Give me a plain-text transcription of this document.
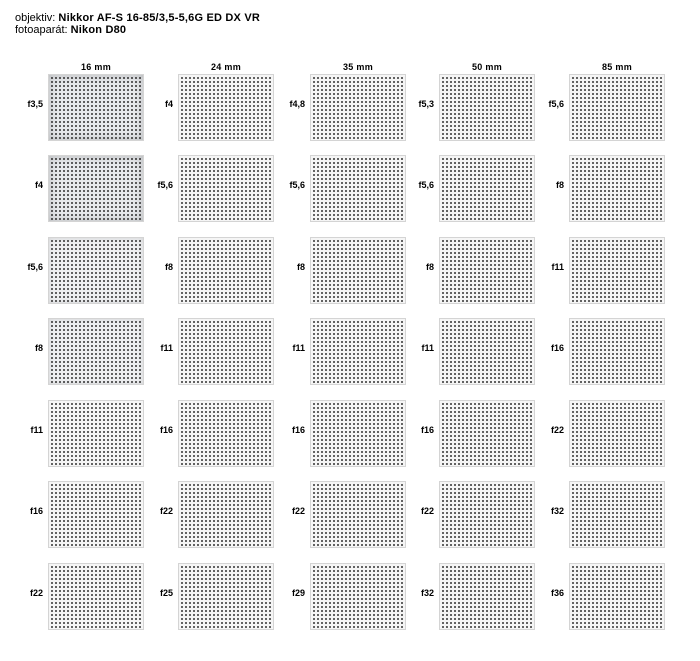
objektiv: Nikkor AF-S 16-85/3,5-5,6G ED DX VR
fotoaparát: Nikon D80
16 mm
f3,5
f4
f5,6
f8
f11
f16
f22
24 mm
f4
f5,6
f8
f11
f16
f22
f25
35 mm
f4,8
f5,6
f8
f11
f16
f22
f29
50 mm
f5,3
f5,6
f8
f11
f16
f22
f32
85 mm
f5,6
f8
f11
f16
f22
f32
f36
